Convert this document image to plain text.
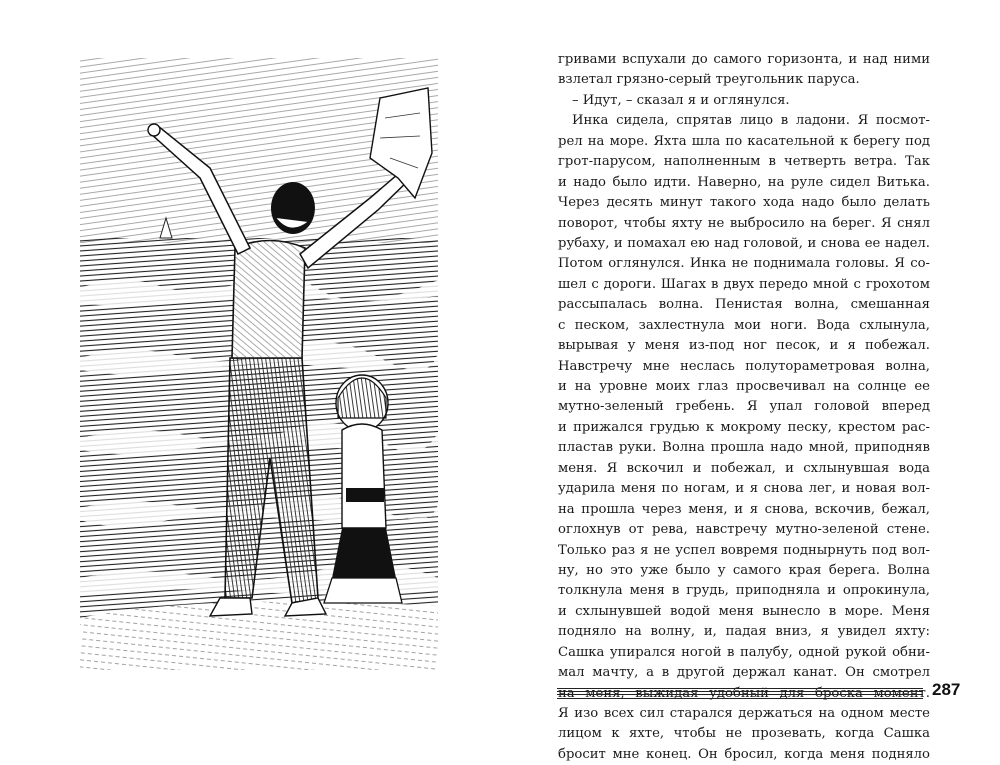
гривами вспухали до самого горизонта, и над ними
взлетал грязно-серый треугольник паруса.
– Идут, – сказал я и оглянулся.
Инка сидела, спрятав лицо в ладони. Я посмот-
рел на море. Яхта шла по касательной к берегу под
грот-парусом, наполненным в четверть ветра. Так
и надо было идти. Наверно, на руле сидел Витька.
Через десять минут такого хода надо было делать
поворот, чтобы яхту не выбросило на берег. Я снял
рубаху, и помахал ею над головой, и снова ее надел.
Потом оглянулся. Инка не поднимала головы. Я со-
шел с дороги. Шагах в двух передо мной с грохотом
рассыпалась волна. Пенистая волна, смешанная
с песком, захлестнула мои ноги. Вода схлынула,
вырывая у меня из-под ног песок, и я побежал.
Навстречу мне неслась полутораметровая волна,
и на уровне моих глаз просвечивал на солнце ее
мутно-зеленый гребень. Я упал головой вперед
и прижался грудью к мокрому песку, крестом рас-
пластав руки. Волна прошла надо мной, приподняв
меня. Я вскочил и побежал, и схлынувшая вода
ударила меня по ногам, и я снова лег, и новая вол-
на прошла через меня, и я снова, вскочив, бежал,
оглохнув от рева, навстречу мутно-зеленой стене.
Только раз я не успел вовремя поднырнуть под вол-
ну, но это уже было у самого края берега. Волна
толкнула меня в грудь, приподняла и опрокинула,
и схлынувшей водой меня вынесло в море. Меня
подняло на волну, и, падая вниз, я увидел яхту:
Сашка упирался ногой в палубу, одной рукой обни-
мал мачту, а в другой держал канат. Он смотрел
на меня, выжидая удобный для броска момент.
Я изо всех сил старался держаться на одном месте
лицом к яхте, чтобы не прозевать, когда Сашка
бросит мне конец. Он бросил, когда меня подняло
287
